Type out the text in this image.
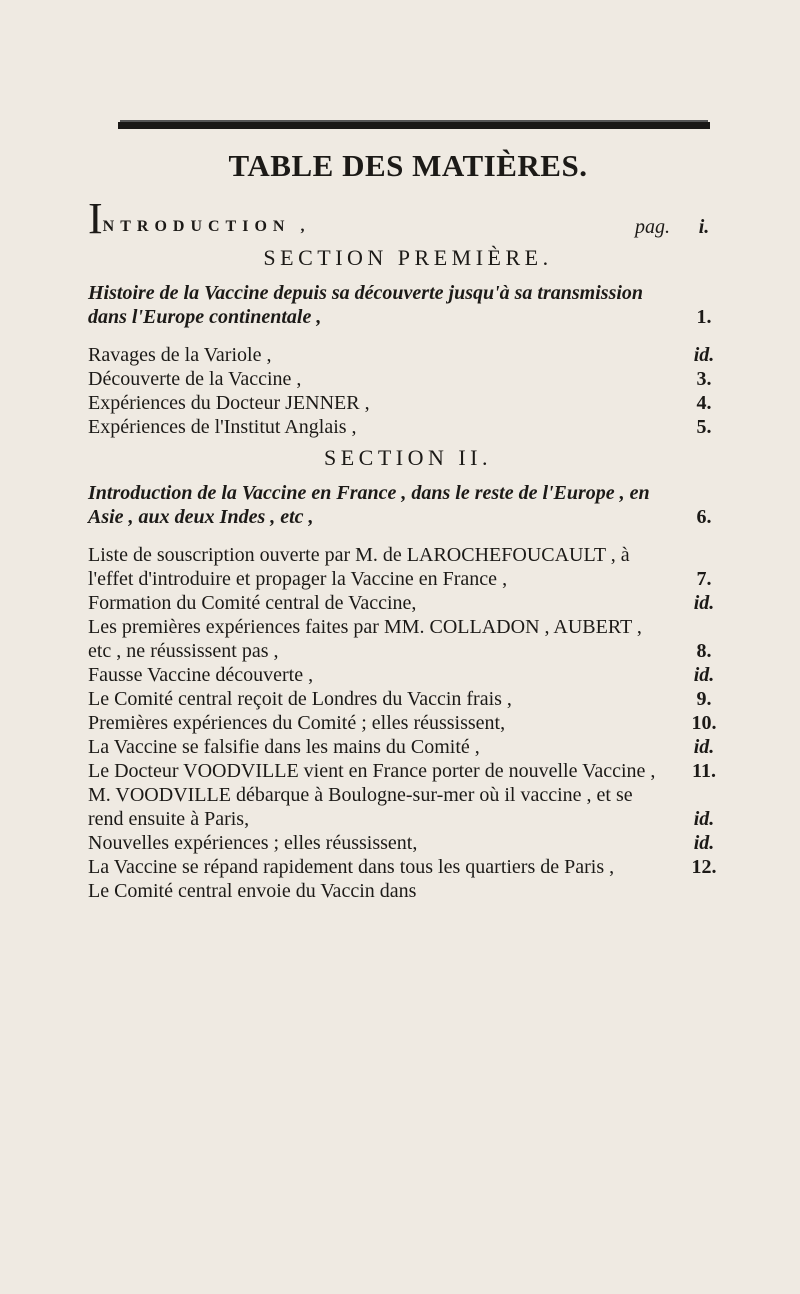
TABLE DES MATIÈRES.
INTRODUCTION ,	pag.	i.
SECTION PREMIÈRE.
Histoire de la Vaccine depuis sa découverte jusqu'à sa transmission dans l'Europe continentale ,	1.
Ravages de la Variole ,	id.
Découverte de la Vaccine ,	3.
Expériences du Docteur JENNER ,	4.
Expériences de l'Institut Anglais ,	5.
SECTION II.
Introduction de la Vaccine en France , dans le reste de l'Europe , en Asie , aux deux Indes , etc ,	6.
Liste de souscription ouverte par M. de LAROCHEFOUCAULT , à l'effet d'introduire et propager la Vaccine en France ,	7.
Formation du Comité central de Vaccine,	id.
Les premières expériences faites par MM. COLLADON , AUBERT , etc , ne réussissent pas ,	8.
Fausse Vaccine découverte ,	id.
Le Comité central reçoit de Londres du Vaccin frais ,	9.
Premières expériences du Comité ; elles réussissent,	10.
La Vaccine se falsifie dans les mains du Comité ,	id.
Le Docteur VOODVILLE vient en France porter de nouvelle Vaccine ,	11.
M. VOODVILLE débarque à Boulogne-sur-mer où il vaccine , et se rend ensuite à Paris,	id.
Nouvelles expériences ; elles réussissent,	id.
La Vaccine se répand rapidement dans tous les quartiers de Paris ,	12.
Le Comité central envoie du Vaccin dans
